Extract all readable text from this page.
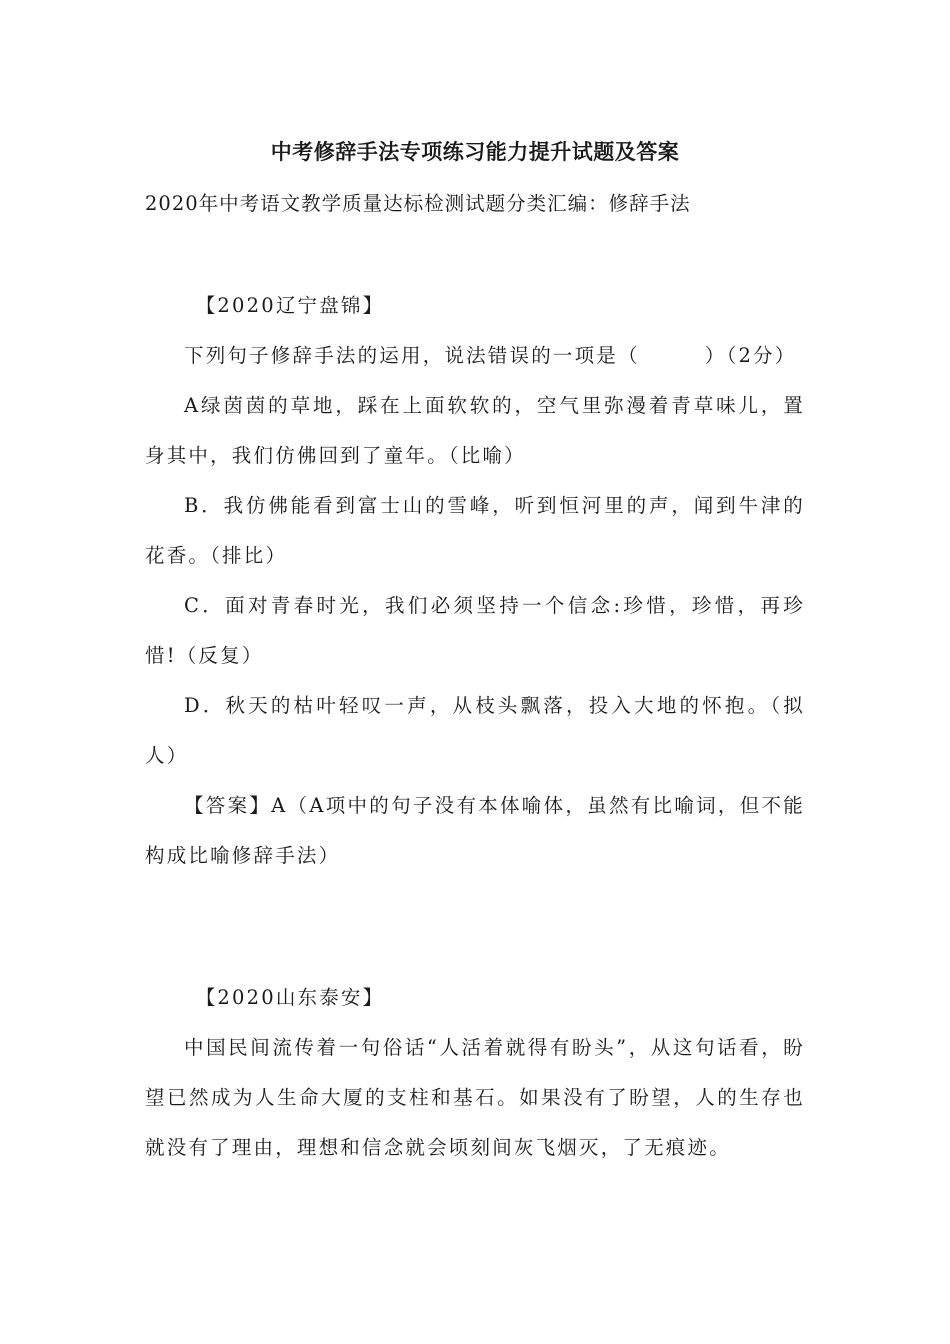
中考修辞手法专项练习能力提升试题及答案
2020年中考语文教学质量达标检测试题分类汇编：修辞手法

【2020辽宁盘锦】

下列句子修辞手法的运用，说法错误的一项是（　　　）（2分）

A绿茵茵的草地，踩在上面软软的，空气里弥漫着青草味儿，置身其中，我们仿佛回到了童年。（比喻）

B．我仿佛能看到富士山的雪峰，听到恒河里的声，闻到牛津的花香。（排比）

C．面对青春时光，我们必须坚持一个信念:珍惜，珍惜，再珍惜!（反复）

D．秋天的枯叶轻叹一声，从枝头飘落，投入大地的怀抱。（拟人）

【答案】A（A项中的句子没有本体喻体，虽然有比喻词，但不能构成比喻修辞手法）

【2020山东泰安】

中国民间流传着一句俗话“人活着就得有盼头”，从这句话看，盼望已然成为人生命大厦的支柱和基石。如果没有了盼望，人的生存也就没有了理由，理想和信念就会顷刻间灰飞烟灭，了无痕迹。
